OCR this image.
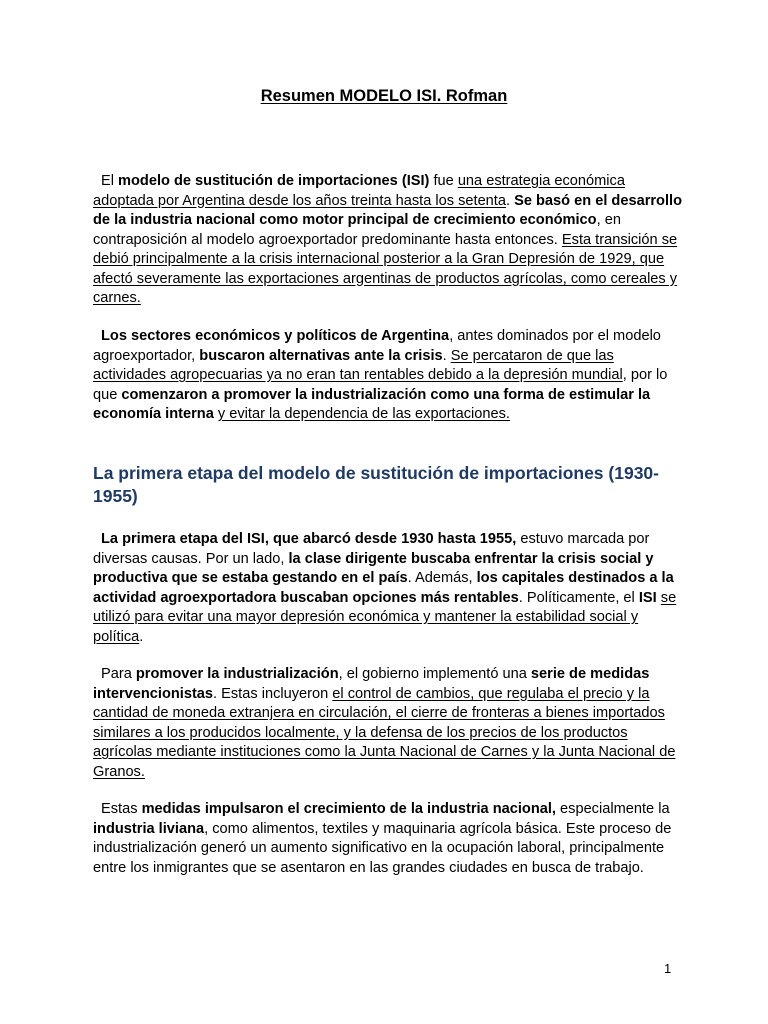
Resumen MODELO ISI. Rofman

El modelo de sustitución de importaciones (ISI) fue una estrategia económica adoptada por Argentina desde los años treinta hasta los setenta. Se basó en el desarrollo de la industria nacional como motor principal de crecimiento económico, en contraposición al modelo agroexportador predominante hasta entonces. Esta transición se debió principalmente a la crisis internacional posterior a la Gran Depresión de 1929, que afectó severamente las exportaciones argentinas de productos agrícolas, como cereales y carnes.

Los sectores económicos y políticos de Argentina, antes dominados por el modelo agroexportador, buscaron alternativas ante la crisis. Se percataron de que las actividades agropecuarias ya no eran tan rentables debido a la depresión mundial, por lo que comenzaron a promover la industrialización como una forma de estimular la economía interna y evitar la dependencia de las exportaciones.

La primera etapa del modelo de sustitución de importaciones (1930-1955)

La primera etapa del ISI, que abarcó desde 1930 hasta 1955, estuvo marcada por diversas causas. Por un lado, la clase dirigente buscaba enfrentar la crisis social y productiva que se estaba gestando en el país. Además, los capitales destinados a la actividad agroexportadora buscaban opciones más rentables. Políticamente, el ISI se utilizó para evitar una mayor depresión económica y mantener la estabilidad social y política.

Para promover la industrialización, el gobierno implementó una serie de medidas intervencionistas. Estas incluyeron el control de cambios, que regulaba el precio y la cantidad de moneda extranjera en circulación, el cierre de fronteras a bienes importados similares a los producidos localmente, y la defensa de los precios de los productos agrícolas mediante instituciones como la Junta Nacional de Carnes y la Junta Nacional de Granos.

Estas medidas impulsaron el crecimiento de la industria nacional, especialmente la industria liviana, como alimentos, textiles y maquinaria agrícola básica. Este proceso de industrialización generó un aumento significativo en la ocupación laboral, principalmente entre los inmigrantes que se asentaron en las grandes ciudades en busca de trabajo.

1
